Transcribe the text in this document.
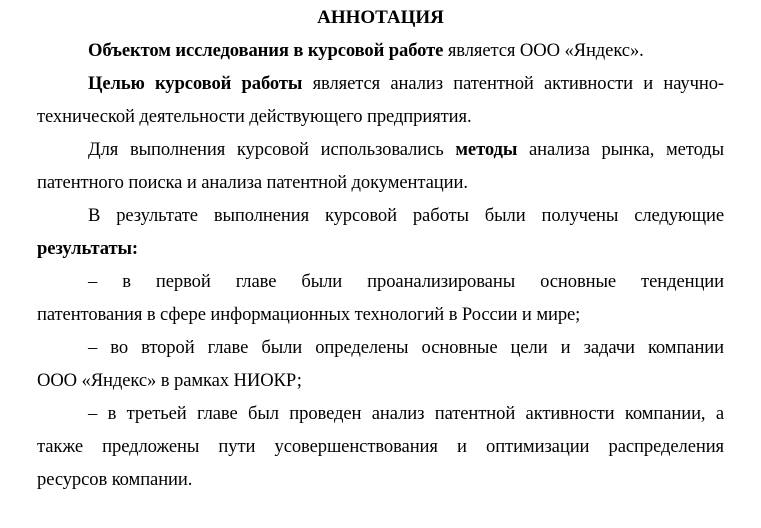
АННОТАЦИЯ

Объектом исследования в курсовой работе является ООО «Яндекс».

Целью курсовой работы является анализ патентной активности и научно-

технической деятельности действующего предприятия.

Для выполнения курсовой использовались методы анализа рынка, методы

патентного поиска и анализа патентной документации.

В результате выполнения курсовой работы были получены следующие

результаты:

– в первой главе были проанализированы основные тенденции

патентования в сфере информационных технологий в России и мире;

– во второй главе были определены основные цели и задачи компании

ООО «Яндекс» в рамках НИОКР;

– в третьей главе был проведен анализ патентной активности компании, а

также предложены пути усовершенствования и оптимизации распределения

ресурсов компании.
